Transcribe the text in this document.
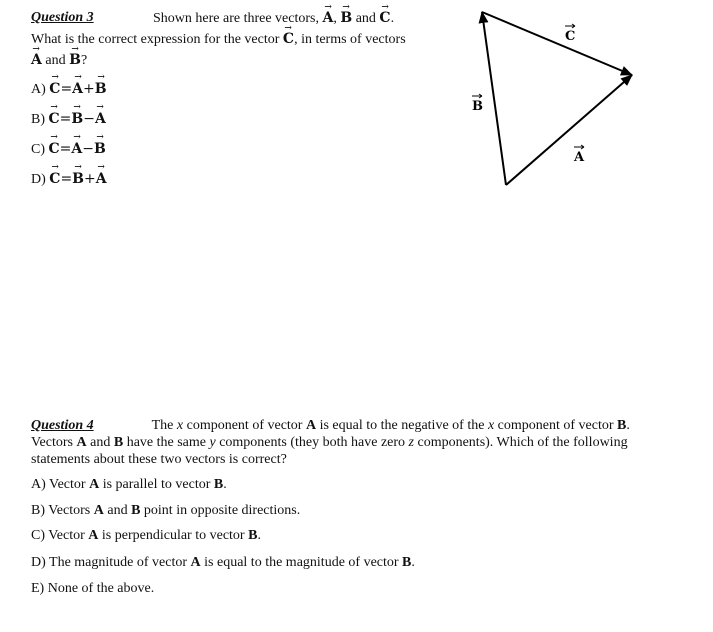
Question 3	Shown here are three vectors, → A, → B and → C.
What is the correct expression for the vector → C, in terms of vectors
→ A and → B?
A) → C=→ A+→ B
B) → C=→ B−→ A
C) → C=→ A−→ B
D) → C=→ B+→ A
B
C
A

Question 4	The x component of vector A is equal to the negative of the x component of vector B.

Vectors A and B have the same y components (they both have zero z components). Which of the following

statements about these two vectors is correct?

A) Vector A is parallel to vector B.
B) Vectors A and B point in opposite directions.
C) Vector A is perpendicular to vector B.
D) The magnitude of vector A is equal to the magnitude of vector B.
E) None of the above.
